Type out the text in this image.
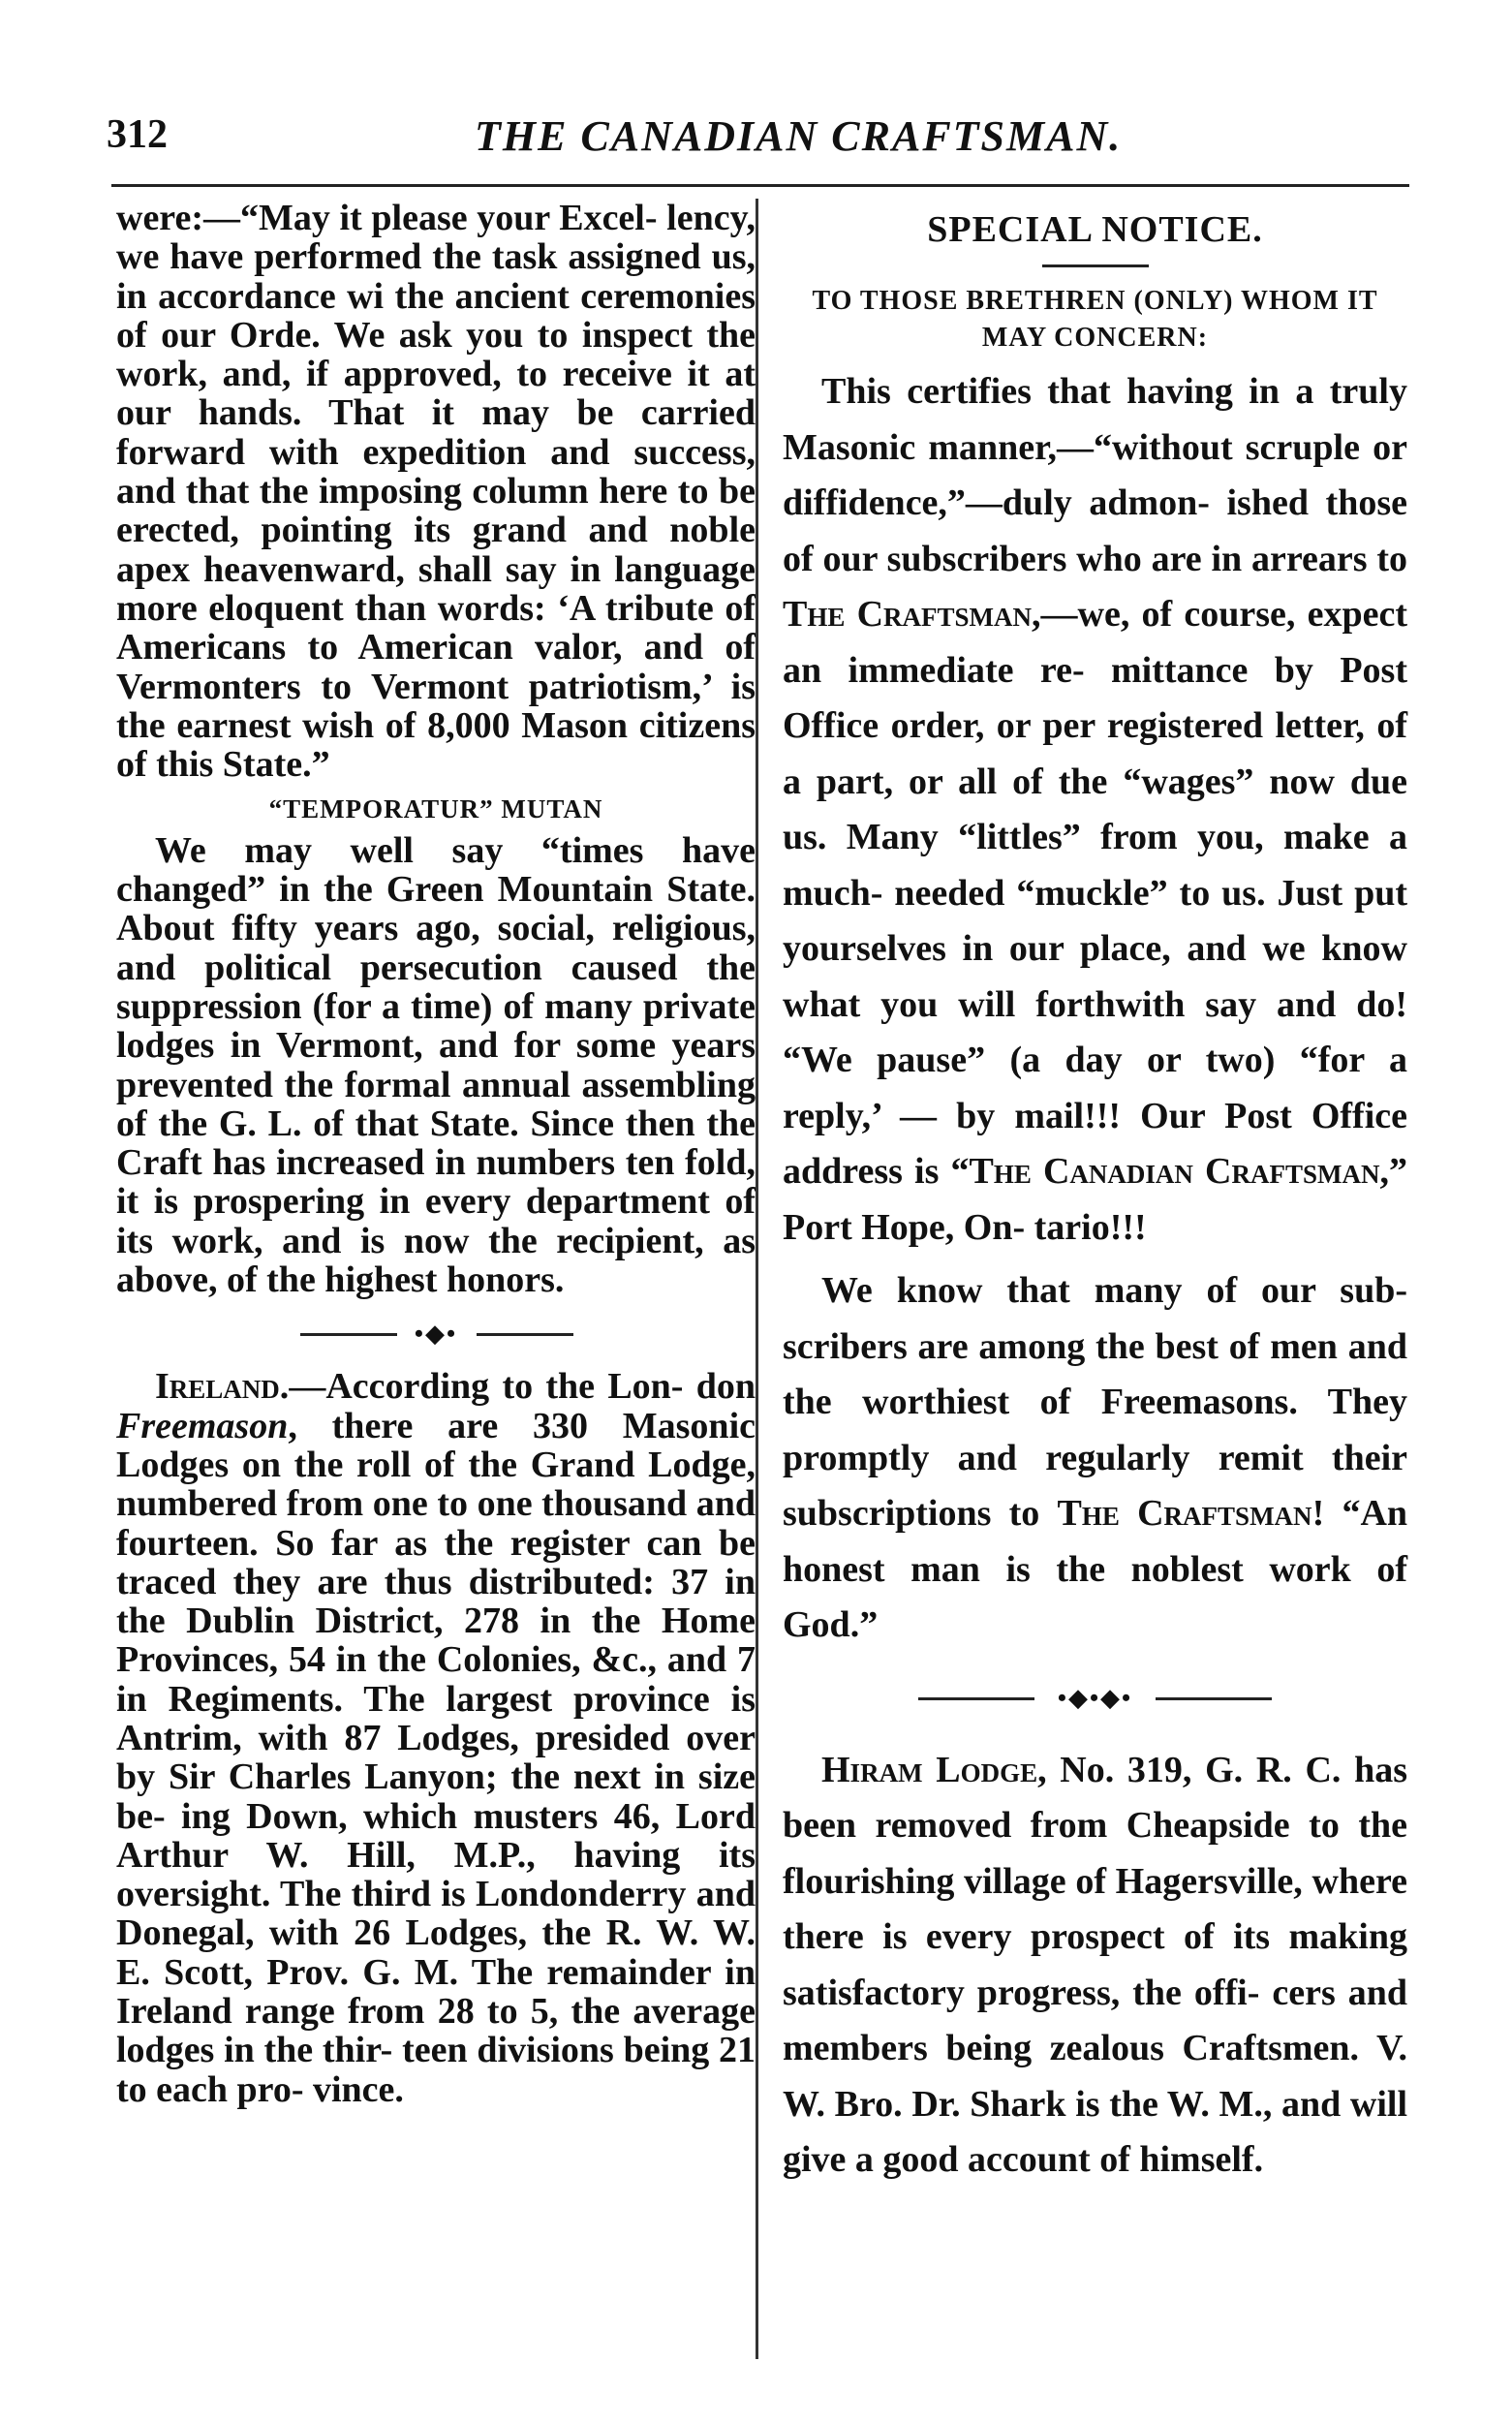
312	THE CANADIAN CRAFTSMAN.

were:—“May it please your Excel- lency, we have performed the task assigned us, in accordance wi the ancient ceremonies of our Orde. We ask you to inspect the work, and, if approved, to receive it at our hands. That it may be carried forward with expedition and success, and that the imposing column here to be erected, pointing its grand and noble apex heavenward, shall say in language more eloquent than words: ‘A tribute of Americans to American valor, and of Vermonters to Vermont patriotism,’ is the earnest wish of 8,000 Mason citizens of this State.”

“TEMPORATUR” MUTAN

We may well say “times have changed” in the Green Mountain State. About fifty years ago, social, religious, and political persecution caused the suppression (for a time) of many private lodges in Vermont, and for some years prevented the formal annual assembling of the G. L. of that State. Since then the Craft has increased in numbers ten fold, it is prospering in every department of its work, and is now the recipient, as above, of the highest honors.

•◆•

Ireland.—According to the Lon- don Freemason, there are 330 Masonic Lodges on the roll of the Grand Lodge, numbered from one to one thousand and fourteen. So far as the register can be traced they are thus distributed: 37 in the Dublin District, 278 in the Home Provinces, 54 in the Colonies, &c., and 7 in Regiments. The largest province is Antrim, with 87 Lodges, presided over by Sir Charles Lanyon; the next in size be- ing Down, which musters 46, Lord Arthur W. Hill, M.P., having its oversight. The third is Londonderry and Donegal, with 26 Lodges, the R. W. W. E. Scott, Prov. G. M. The remainder in Ireland range from 28 to 5, the average lodges in the thir- teen divisions being 21 to each pro- vince.

SPECIAL NOTICE.
TO THOSE BRETHREN (ONLY) WHOM IT MAY CONCERN:

This certifies that having in a truly Masonic manner,—“without scruple or diffidence,”—duly admon- ished those of our subscribers who are in arrears to The Craftsman,—we, of course, expect an immediate re- mittance by Post Office order, or per registered letter, of a part, or all of the “wages” now due us. Many “littles” from you, make a much- needed “muckle” to us. Just put yourselves in our place, and we know what you will forthwith say and do! “We pause” (a day or two) “for a reply,’ — by mail!!! Our Post Office address is “The Canadian Craftsman,” Port Hope, On- tario!!!

We know that many of our sub- scribers are among the best of men and the worthiest of Freemasons. They promptly and regularly remit their subscriptions to The Craftsman! “An honest man is the noblest work of God.”

•◆•◆•

Hiram Lodge, No. 319, G. R. C. has been removed from Cheapside to the flourishing village of Hagersville, where there is every prospect of its making satisfactory progress, the offi- cers and members being zealous Craftsmen. V. W. Bro. Dr. Shark is the W. M., and will give a good account of himself.
